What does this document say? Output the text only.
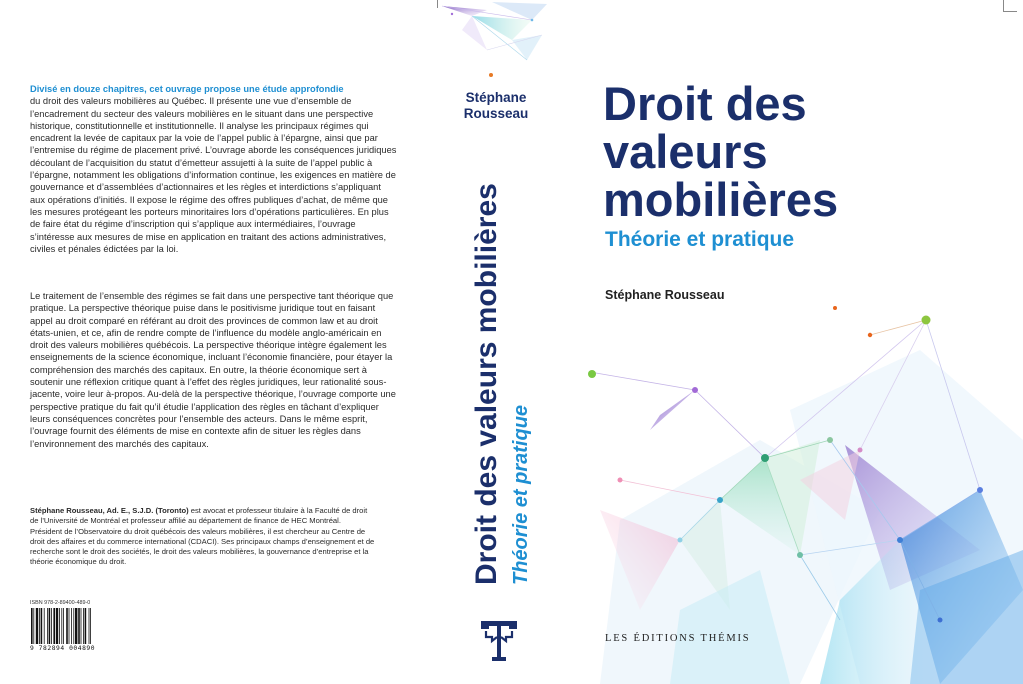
Divisé en douze chapitres, cet ouvrage propose une étude approfondie
du droit des valeurs mobilières au Québec. Il présente une vue d’ensemble de l’encadrement du secteur des valeurs mobilières en le situant dans une perspective historique, constitutionnelle et institutionnelle. Il analyse les principaux régimes qui encadrent la levée de capitaux par la voie de l’appel public à l’épargne, ainsi que par l’entremise du régime de placement privé. L’ouvrage aborde les conséquences juridiques découlant de l’acquisition du statut d’émetteur assujetti à la suite de l’appel public à l’épargne, notamment les obligations d’information continue, les exigences en matière de gouvernance et d’assemblées d’actionnaires et les règles et interdictions s’appliquant aux opérations d’initiés. Il expose le régime des offres publiques d’achat, de même que les mesures protégeant les porteurs minoritaires lors d’opérations particulières. En plus de faire état du régime d’inscription qui s’applique aux intermédiaires, l’ouvrage s’intéresse aux mesures de mise en application en traitant des actions administratives, civiles et pénales édictées par la loi.

Le traitement de l’ensemble des régimes se fait dans une perspective tant théorique que pratique. La perspective théorique puise dans le positivisme juridique tout en faisant appel au droit comparé en référant au droit des provinces de common law et au droit états-unien, et ce, afin de rendre compte de l’influence du modèle anglo-américain en droit des valeurs mobilières québécois. La perspective théorique intègre également les enseignements de la science économique, incluant l’économie financière, pour étayer la compréhension des marchés des capitaux. En outre, la théorie économique sert à soutenir une réflexion critique quant à l’effet des règles juridiques, leur rationalité sous-jacente, voire leur à-propos. Au-delà de la perspective théorique, l’ouvrage comporte une perspective pratique du fait qu’il étudie l’application des règles en tâchant d’expliquer leurs conséquences concrètes pour l’ensemble des acteurs. Dans le même esprit, l’ouvrage fournit des éléments de mise en contexte afin de situer les règles dans l’environnement des marchés des capitaux.

Stéphane Rousseau, Ad. E., S.J.D. (Toronto) est avocat et professeur titulaire à la Faculté de droit de l’Université de Montréal et professeur affilié au département de finance de HEC Montréal. Président de l’Observatoire du droit québécois des valeurs mobilières, il est chercheur au Centre de droit des affaires et du commerce international (CDACI). Ses principaux champs d’enseignement et de recherche sont le droit des sociétés, le droit des valeurs mobilières, la gouvernance d’entreprise et la théorie économique du droit.

ISBN 978-2-89400-489-0
9 782894 004890
Stéphane
Rousseau
Droit des valeurs mobilières Théorie et pratique
Droit des
valeurs
mobilières
Théorie et pratique
Stéphane Rousseau
LES ÉDITIONS THÉMIS
